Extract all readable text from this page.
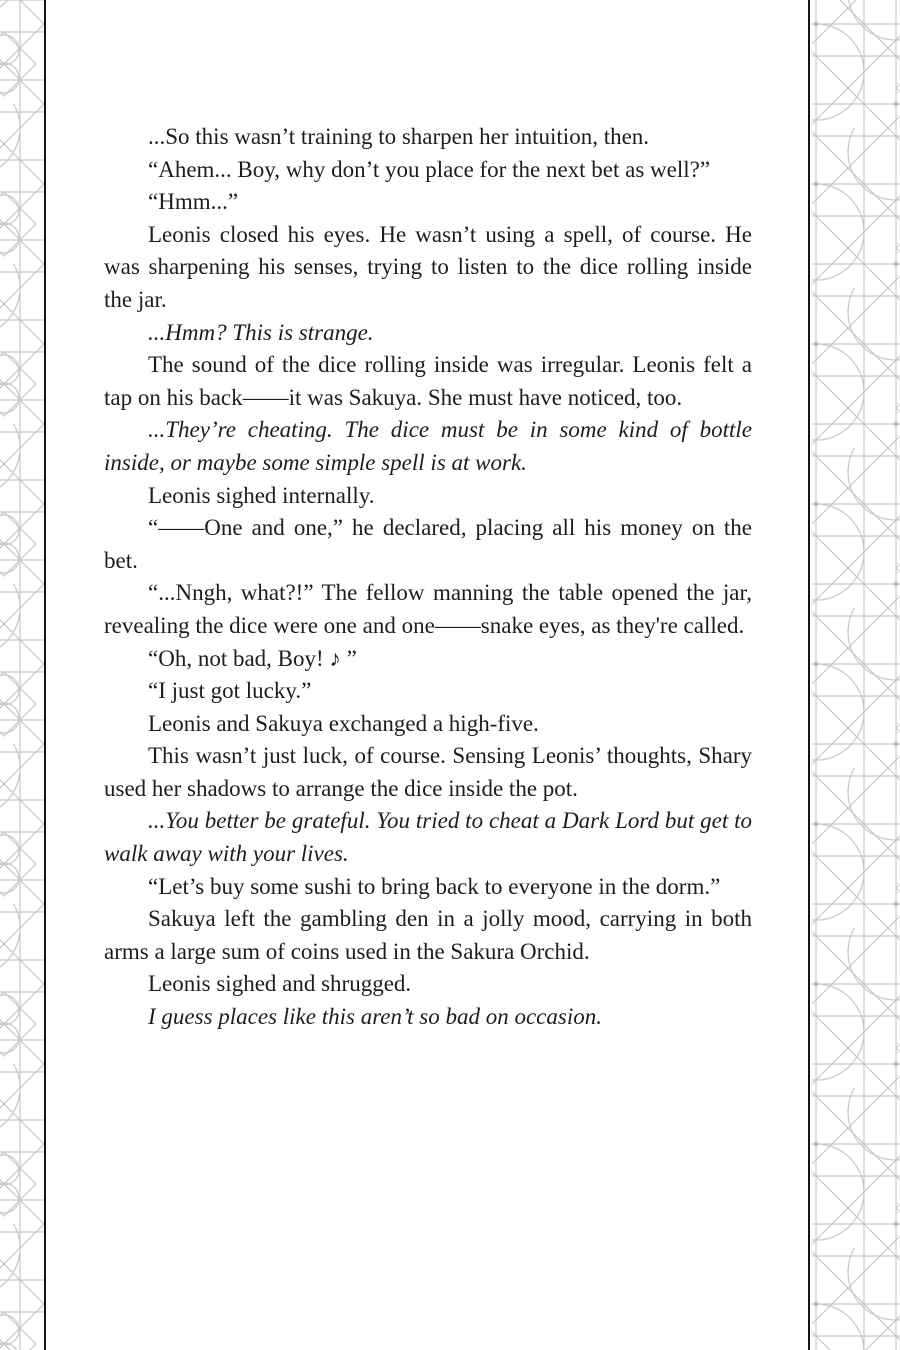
...So this wasn’t training to sharpen her intuition, then.

“Ahem... Boy, why don’t you place for the next bet as well?”

“Hmm...”

Leonis closed his eyes. He wasn’t using a spell, of course. He was sharpening his senses, trying to listen to the dice rolling inside the jar.

...Hmm? This is strange.

The sound of the dice rolling inside was irregular. Leonis felt a tap on his back——it was Sakuya. She must have noticed, too.

...They’re cheating. The dice must be in some kind of bottle inside, or maybe some simple spell is at work.

Leonis sighed internally.

“——One and one,” he declared, placing all his money on the bet.

“...Nngh, what?!” The fellow manning the table opened the jar, revealing the dice were one and one——snake eyes, as they're called.

“Oh, not bad, Boy! ♪ ”

“I just got lucky.”

Leonis and Sakuya exchanged a high-five.

This wasn’t just luck, of course. Sensing Leonis’ thoughts, Shary used her shadows to arrange the dice inside the pot.

...You better be grateful. You tried to cheat a Dark Lord but get to walk away with your lives.

“Let’s buy some sushi to bring back to everyone in the dorm.”

Sakuya left the gambling den in a jolly mood, carrying in both arms a large sum of coins used in the Sakura Orchid.

Leonis sighed and shrugged.

I guess places like this aren’t so bad on occasion.
